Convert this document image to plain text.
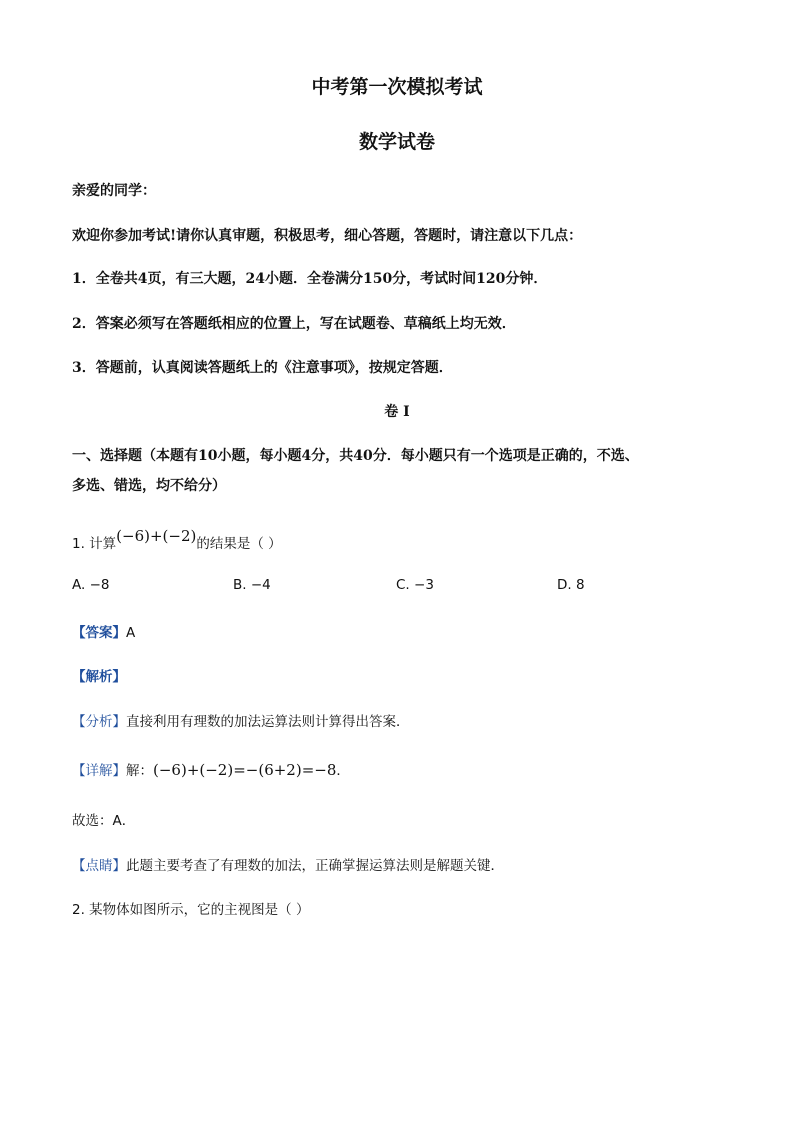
中考第一次模拟考试
数学试卷
亲爱的同学：
欢迎你参加考试!请你认真审题，积极思考，细心答题，答题时，请注意以下几点：
1．全卷共4页，有三大题，24小题．全卷满分150分，考试时间120分钟．
2．答案必须写在答题纸相应的位置上，写在试题卷、草稿纸上均无效．
3．答题前，认真阅读答题纸上的《注意事项》，按规定答题．
卷 I
一、选择题（本题有10小题，每小题4分，共40分．每小题只有一个选项是正确的，不选、
多选、错选，均不给分）
1. 计算(−6)+(−2)的结果是（ ）
A. −8	B. −4	C. −3	D. 8
【答案】A
【解析】
【分析】直接利用有理数的加法运算法则计算得出答案．
【详解】解：(−6)+(−2)=−(6+2)=−8．
故选：A．
【点睛】此题主要考查了有理数的加法，正确掌握运算法则是解题关键．
2. 某物体如图所示，它的主视图是（ ）
